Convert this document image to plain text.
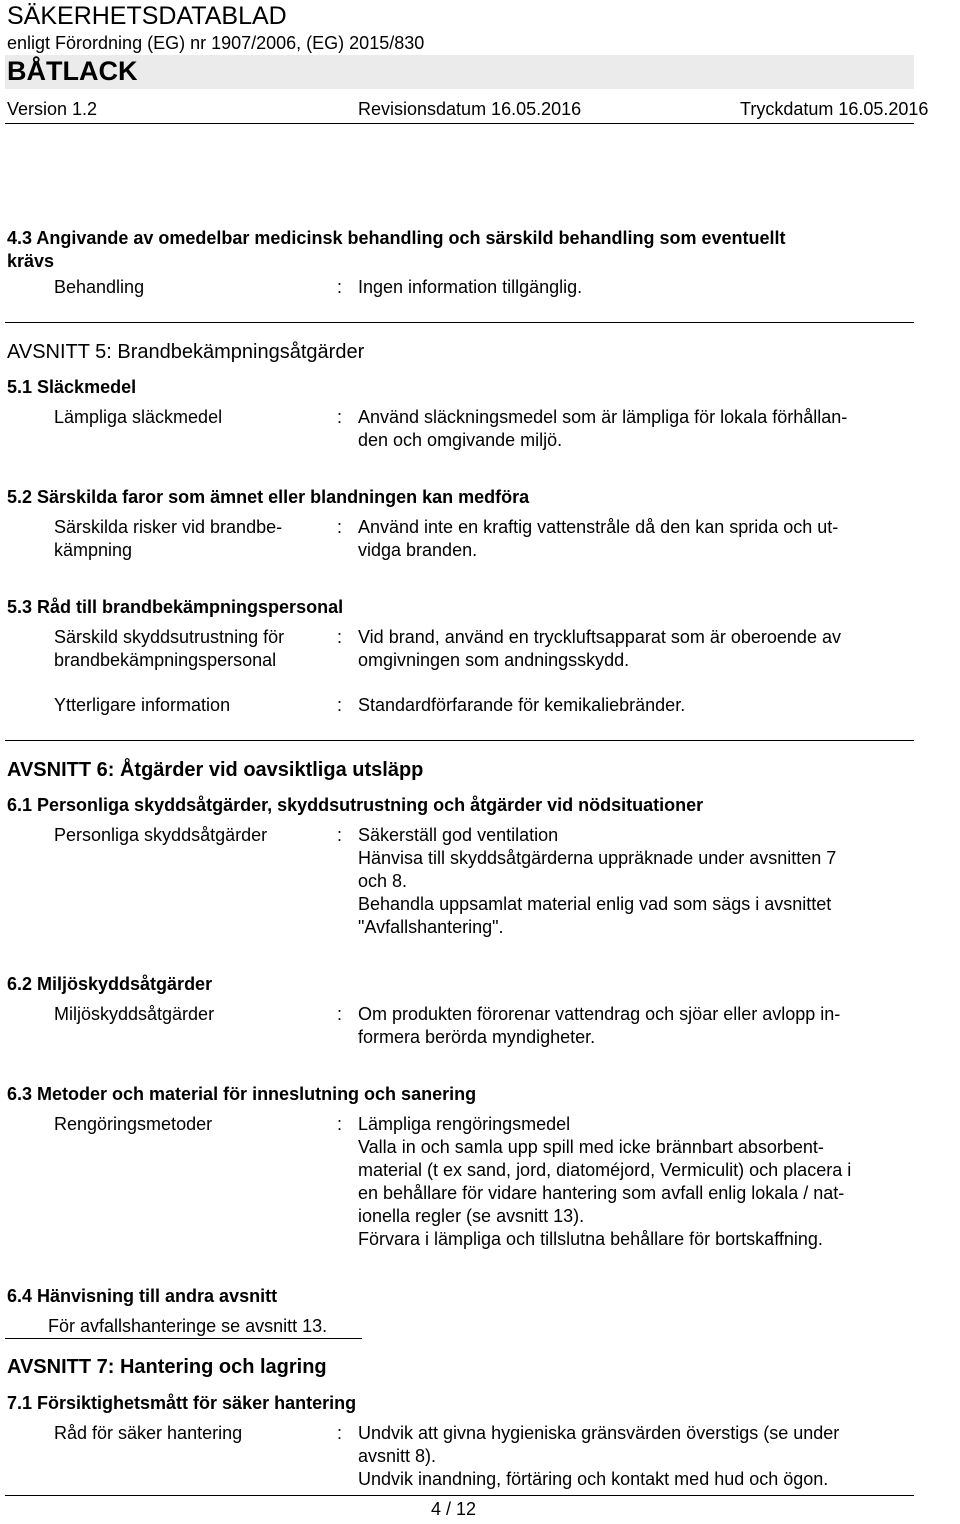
SÄKERHETSDATABLAD
enligt Förordning (EG) nr 1907/2006, (EG) 2015/830
BÅTLACK
Version 1.2	Revisionsdatum 16.05.2016	Tryckdatum 16.05.2016
4.3 Angivande av omedelbar medicinsk behandling och särskild behandling som eventuellt
krävs
Behandling	: Ingen information tillgänglig.
AVSNITT 5: Brandbekämpningsåtgärder
5.1 Släckmedel
Lämpliga släckmedel	: Använd släckningsmedel som är lämpliga för lokala förhållan-
den och omgivande miljö.
5.2 Särskilda faror som ämnet eller blandningen kan medföra
Särskilda risker vid brandbe-
kämpning
: Använd inte en kraftig vattenstråle då den kan sprida och ut-
vidga branden.
5.3 Råd till brandbekämpningspersonal
Särskild skyddsutrustning för
brandbekämpningspersonal
: Vid brand, använd en tryckluftsapparat som är oberoende av
omgivningen som andningsskydd.
Ytterligare information	: Standardförfarande för kemikaliebränder.
AVSNITT 6: Åtgärder vid oavsiktliga utsläpp
6.1 Personliga skyddsåtgärder, skyddsutrustning och åtgärder vid nödsituationer
Personliga skyddsåtgärder	: Säkerställ god ventilation
Hänvisa till skyddsåtgärderna uppräknade under avsnitten 7
och 8.
Behandla uppsamlat material enlig vad som sägs i avsnittet
"Avfallshantering".
6.2 Miljöskyddsåtgärder
Miljöskyddsåtgärder	: Om produkten förorenar vattendrag och sjöar eller avlopp in-
formera berörda myndigheter.
6.3 Metoder och material för inneslutning och sanering
Rengöringsmetoder	: Lämpliga rengöringsmedel
Valla in och samla upp spill med icke brännbart absorbent-
material (t ex sand, jord, diatoméjord, Vermiculit) och placera i
en behållare för vidare hantering som avfall enlig lokala / nat-
ionella regler (se avsnitt 13).
Förvara i lämpliga och tillslutna behållare för bortskaffning.
6.4 Hänvisning till andra avsnitt
För avfallshanteringe se avsnitt 13.
AVSNITT 7: Hantering och lagring
7.1 Försiktighetsmått för säker hantering
Råd för säker hantering	: Undvik att givna hygieniska gränsvärden överstigs (se under
avsnitt 8).
Undvik inandning, förtäring och kontakt med hud och ögon.
4 / 12
